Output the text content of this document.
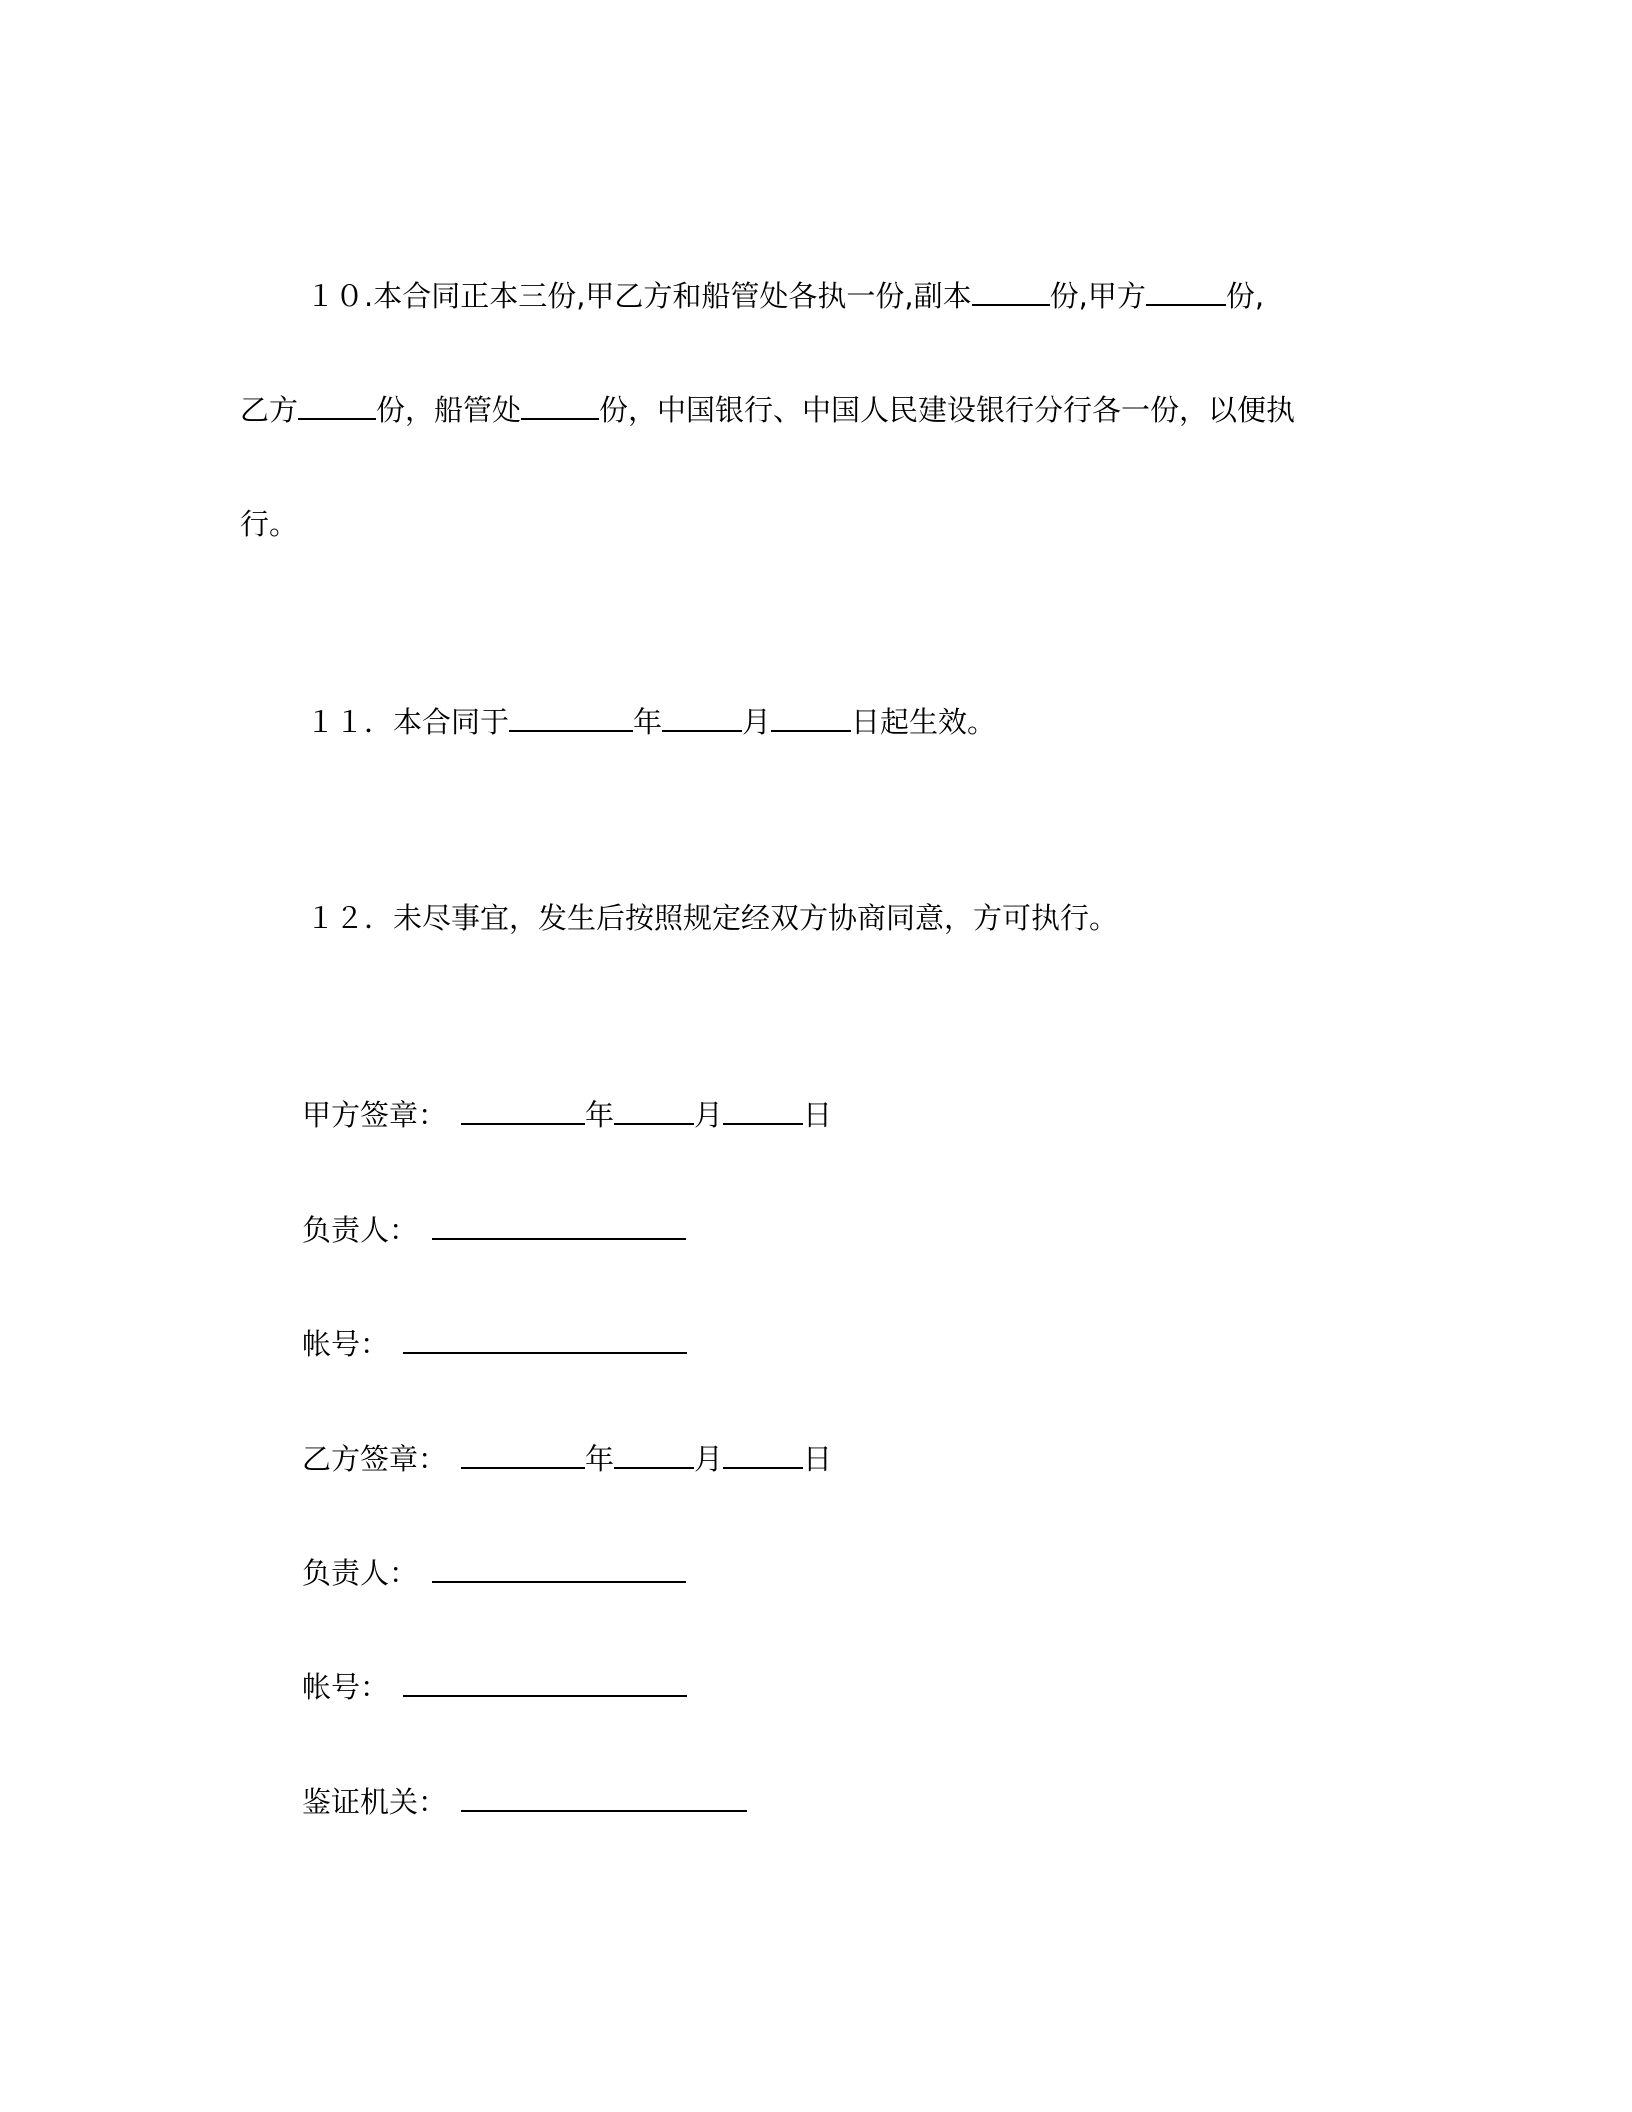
１０.本合同正本三份,甲乙方和船管处各执一份,副本	份,甲方	份,
乙方	份，船管处	份，中国银行、中国人民建设银行分行各一份，以便执
行。
１１．本合同于	年	月	日起生效。
１２．未尽事宜，发生后按照规定经双方协商同意，方可执行。
甲方签章：	年	月	日
负责人：
帐号：
乙方签章：	年	月	日
负责人：
帐号：
鉴证机关：
